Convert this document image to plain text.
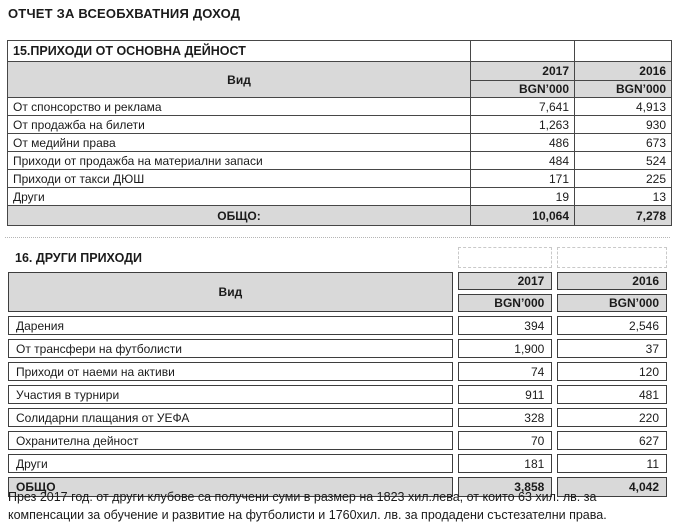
ОТЧЕТ ЗА ВСЕОБХВАТНИЯ ДОХОД
15.ПРИХОДИ ОТ ОСНОВНА ДЕЙНОСТ		
Вид	2017	2016
	BGN’000	BGN’000
От спонсорство и реклама	7,641	4,913
От продажба на билети	1,263	930
От медийни права	486	673
Приходи от продажба на материални запаси	484	524
Приходи от такси ДЮШ	171	225
Други	19	13
ОБЩО:	10,064	7,278
16. ДРУГИ ПРИХОДИ		
Вид	2017	2016
	BGN’000	BGN’000
Дарения	394	2,546
От трансфери на футболисти	1,900	37
Приходи от наеми на активи	74	120
Участия в турнири	911	481
Солидарни плащания от УЕФА	328	220
Охранителна дейност	70	627
Други	181	11
ОБЩО	3,858	4,042
През 2017 год. от други клубове са получени суми в размер на 1823 хил.лева, от които 63 хил. лв. за компенсации за обучение и развитие на футболисти и 1760хил. лв. за продадени състезателни права.
